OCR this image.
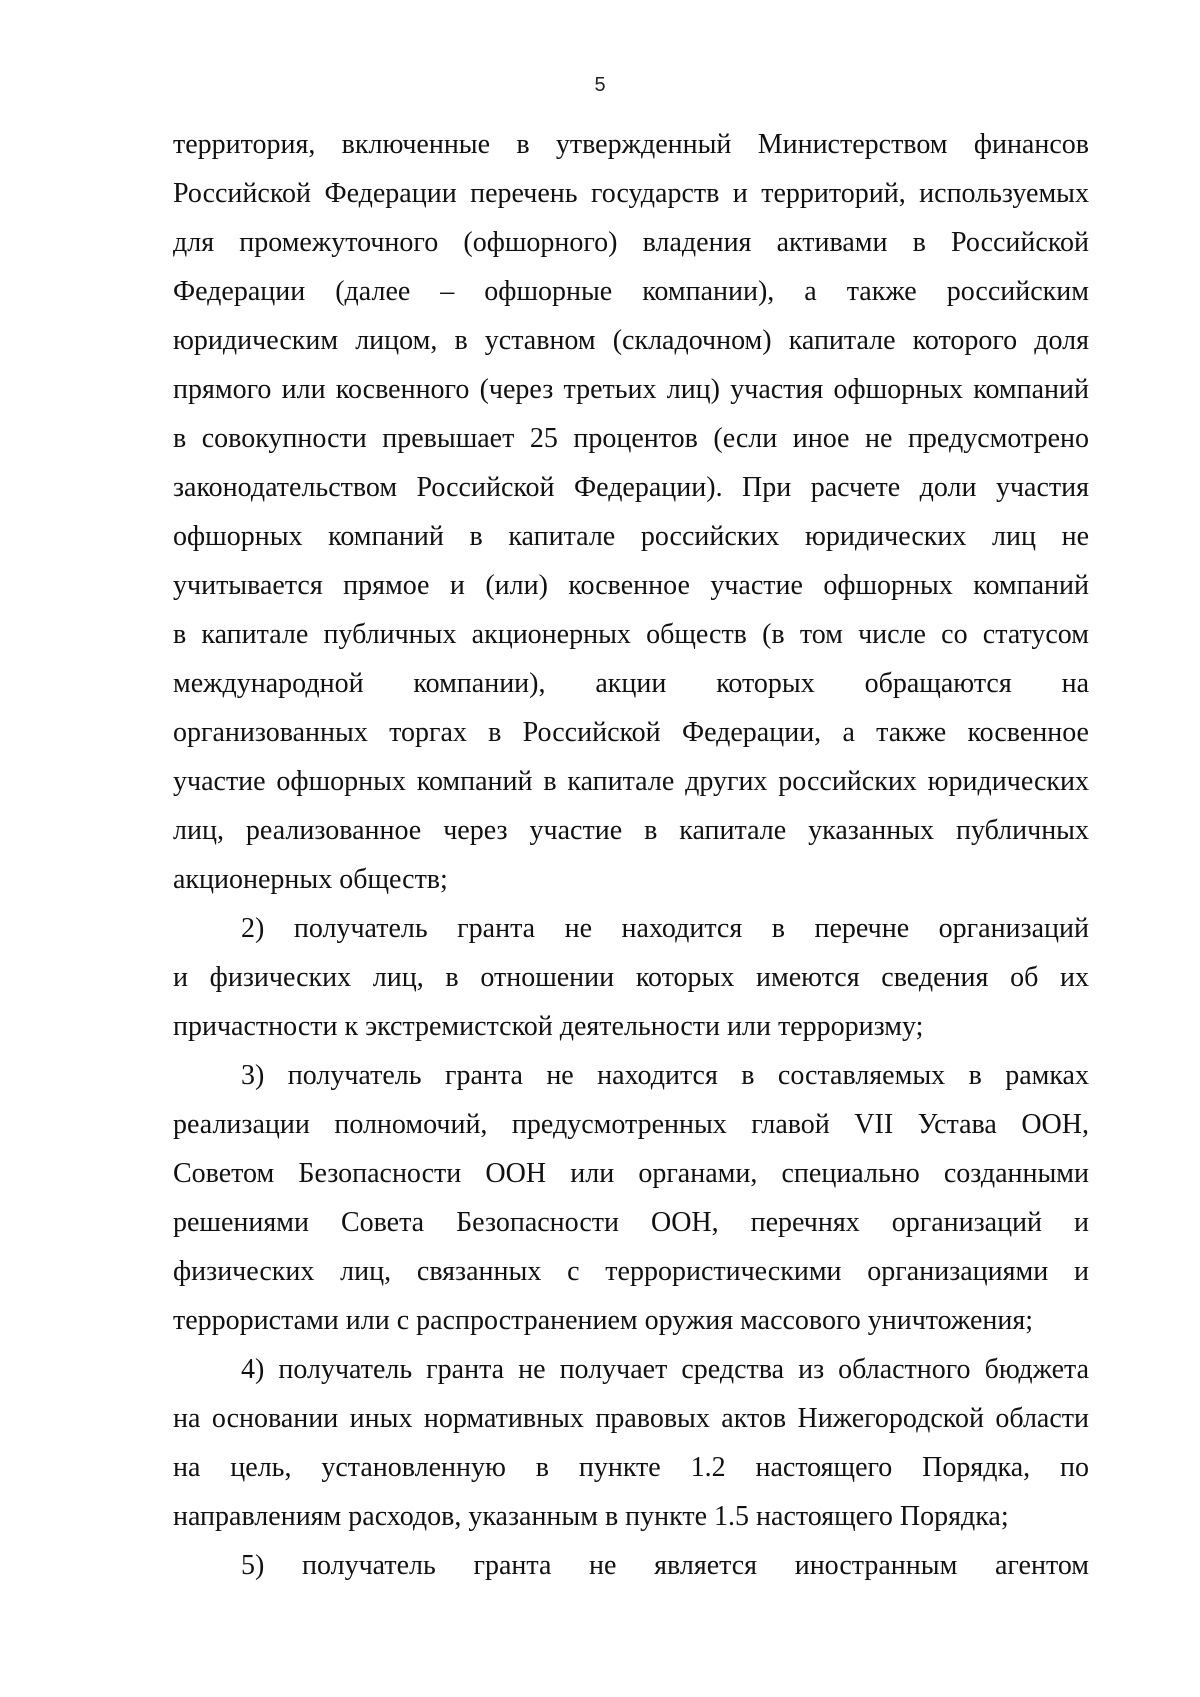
5
территория, включенные в утвержденный Министерством финансов
Российской Федерации перечень государств и территорий, используемых
для промежуточного (офшорного) владения активами в Российской
Федерации (далее – офшорные компании), а также российским
юридическим лицом, в уставном (складочном) капитале которого доля
прямого или косвенного (через третьих лиц) участия офшорных компаний
в совокупности превышает 25 процентов (если иное не предусмотрено
законодательством Российской Федерации). При расчете доли участия
офшорных компаний в капитале российских юридических лиц не
учитывается прямое и (или) косвенное участие офшорных компаний
в капитале публичных акционерных обществ (в том числе со статусом
международной компании), акции которых обращаются на
организованных торгах в Российской Федерации, а также косвенное
участие офшорных компаний в капитале других российских юридических
лиц, реализованное через участие в капитале указанных публичных
акционерных обществ;
2) получатель гранта не находится в перечне организаций
и физических лиц, в отношении которых имеются сведения об их
причастности к экстремистской деятельности или терроризму;
3) получатель гранта не находится в составляемых в рамках
реализации полномочий, предусмотренных главой VII Устава ООН,
Советом Безопасности ООН или органами, специально созданными
решениями Совета Безопасности ООН, перечнях организаций и
физических лиц, связанных с террористическими организациями и
террористами или с распространением оружия массового уничтожения;
4) получатель гранта не получает средства из областного бюджета
на основании иных нормативных правовых актов Нижегородской области
на цель, установленную в пункте 1.2 настоящего Порядка, по
направлениям расходов, указанным в пункте 1.5 настоящего Порядка;
5) получатель гранта не является иностранным агентом
